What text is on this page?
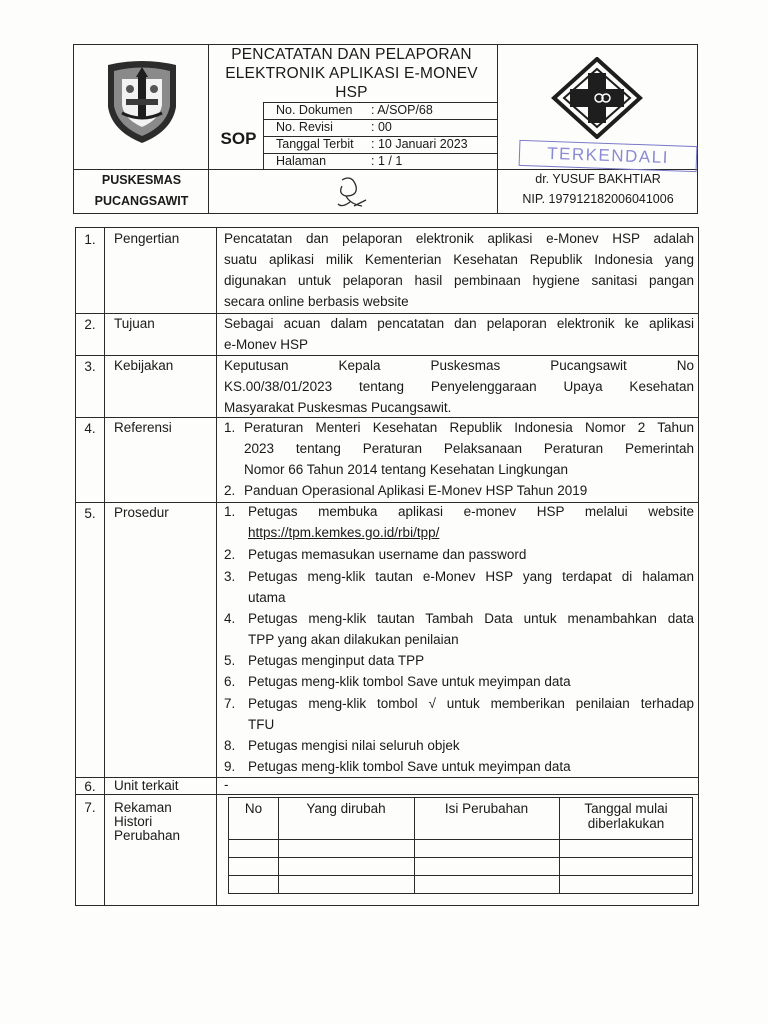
PENCATATAN DAN PELAPORAN
ELEKTRONIK APLIKASI E-MONEV
HSP
SOP
No. Dokumen : A/SOP/68
No. Revisi	: 00
Tanggal Terbit : 10 Januari 2023
Halaman	: 1 / 1	TERKENDALI
PUSKESMAS
PUCANGSAWIT
dr. YUSUF BAKHTIAR
NIP. 197912182006041006
1.	Pengertian	Pencatatan dan pelaporan elektronik aplikasi e-Monev HSP adalah
suatu aplikasi milik Kementerian Kesehatan Republik Indonesia yang
digunakan untuk pelaporan hasil pembinaan hygiene sanitasi pangan
secara online berbasis website
2.	Tujuan	Sebagai acuan dalam pencatatan dan pelaporan elektronik ke aplikasi
e-Monev HSP
3.	Kebijakan	Keputusan Kepala Puskesmas Pucangsawit No
KS.00/38/01/2023 tentang Penyelenggaraan Upaya Kesehatan
Masyarakat Puskesmas Pucangsawit.
4.	Referensi	1. Peraturan Menteri Kesehatan Republik Indonesia Nomor 2 Tahun
2023 tentang Peraturan Pelaksanaan Peraturan Pemerintah
Nomor 66 Tahun 2014 tentang Kesehatan Lingkungan
2. Panduan Operasional Aplikasi E-Monev HSP Tahun 2019
5.	Prosedur	1. Petugas membuka aplikasi e-monev HSP melalui website
https://tpm.kemkes.go.id/rbi/tpp/
2. Petugas memasukan username dan password
3. Petugas meng-klik tautan e-Monev HSP yang terdapat di halaman
utama
4. Petugas meng-klik tautan Tambah Data untuk menambahkan data
TPP yang akan dilakukan penilaian
5. Petugas menginput data TPP
6. Petugas meng-klik tombol Save untuk meyimpan data
7. Petugas meng-klik tombol √ untuk memberikan penilaian terhadap
TFU
8. Petugas mengisi nilai seluruh objek
9. Petugas meng-klik tombol Save untuk meyimpan data
6.	Unit terkait	-
7.	Rekaman
Histori
Perubahan
No	Yang dirubah	Isi Perubahan	Tanggal mulai diberlakukan
